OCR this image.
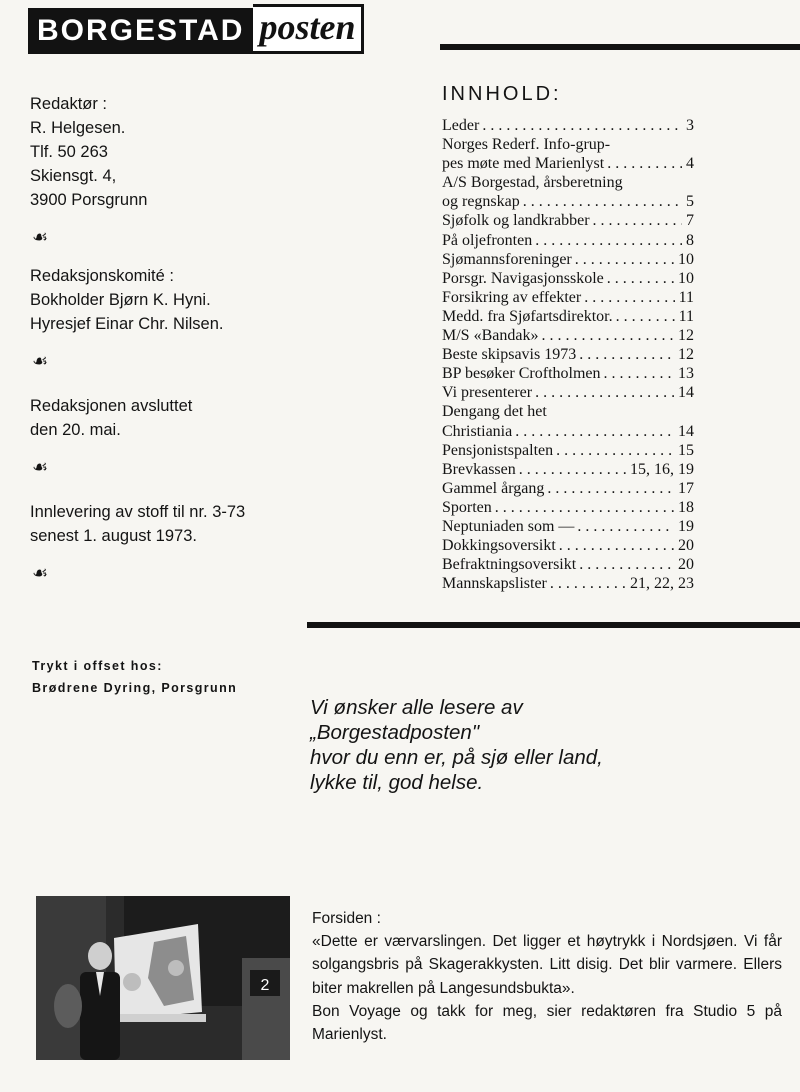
BORGESTAD posten

Redaktør :

R. Helgesen.

Tlf. 50 263

Skiensgt. 4,

3900 Porsgrunn

☙

Redaksjonskomité :

Bokholder Bjørn K. Hyni.

Hyresjef Einar Chr. Nilsen.

☙

Redaksjonen avsluttet

den 20. mai.

☙

Innlevering av stoff til nr. 3-73

senest 1. august 1973.

☙
Trykt i offset hos:
Brødrene Dyring, Porsgrunn
INNHOLD:
Leder . . .	3
Norges Rederf. Info-grup-
pes møte med Marienlyst . . .	4
A/S Borgestad, årsberetning
og regnskap . . .	5
Sjøfolk og landkrabber . . .	7
På oljefronten . . .	8
Sjømannsforeninger . . .	10
Porsgr. Navigasjonsskole . . .	10
Forsikring av effekter . . .	11
Medd. fra Sjøfartsdirektor. . . .	11
M/S «Bandak» . . .	12
Beste skipsavis 1973 . . .	12
BP besøker Croftholmen . . .	13
Vi presenterer . . .	14
Dengang det het
Christiania . . .	14
Pensjonistspalten . . .	15
Brevkassen . . .	15, 16, 19
Gammel årgang . . .	17
Sporten . . .	18
Neptuniaden som — . . .	19
Dokkingsoversikt . . .	20
Befraktningsoversikt . . .	20
Mannskapslister . . .	21, 22, 23

Vi ønsker alle lesere av

„Borgestadposten"

hvor du enn er, på sjø eller land,

lykke til, god helse.

2

Forsiden :

«Dette er værvarslingen. Det ligger et høytrykk i Nordsjøen. Vi får solgangsbris på Skagerakkysten. Litt disig. Det blir varmere. Ellers biter makrellen på Langesundsbukta».

Bon Voyage og takk for meg, sier redaktøren fra Studio 5 på Marienlyst.
